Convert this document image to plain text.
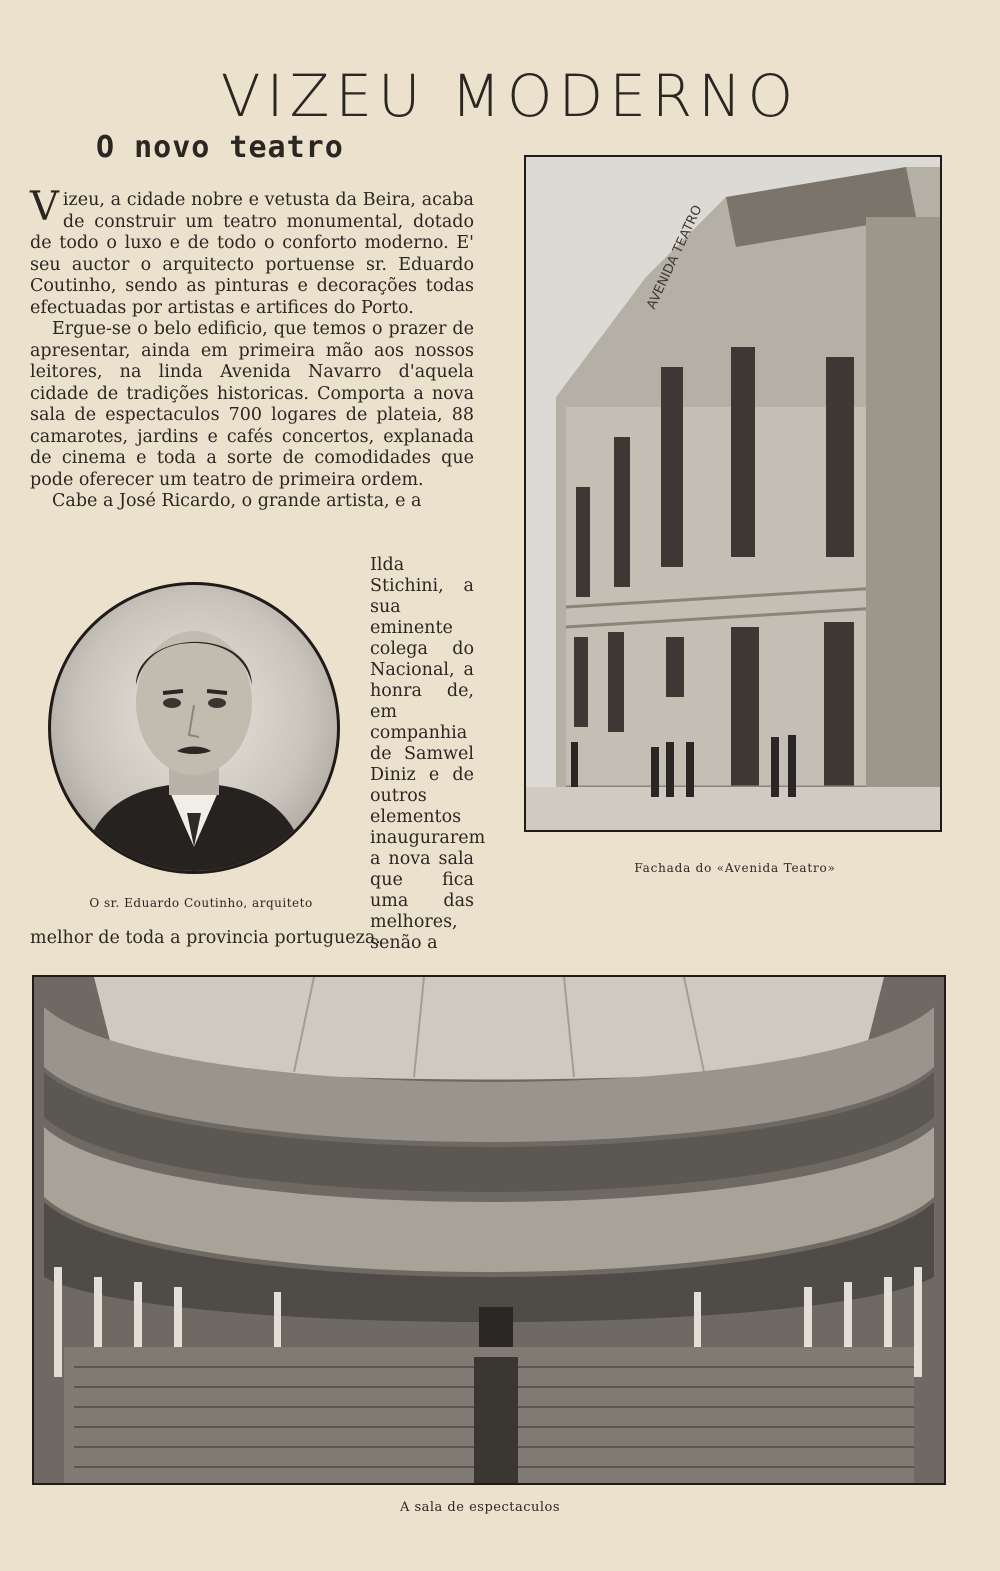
VIZEU MODERNO
O novo teatro

Vizeu, a cidade nobre e vetusta da Beira, acaba de construir um teatro monumental, dotado de todo o luxo e de todo o conforto moderno. E' seu auctor o arquitecto portuense sr. Eduardo Coutinho, sendo as pinturas e decorações todas efectuadas por artistas e artifices do Porto.

Ergue-se o belo edificio, que temos o prazer de apresentar, ainda em primeira mão aos nossos leitores, na linda Avenida Navarro d'aquela cidade de tradições historicas. Comporta a nova sala de espectaculos 700 logares de plateia, 88 camarotes, jardins e cafés concertos, explanada de cinema e toda a sorte de comodidades que pode oferecer um teatro de primeira ordem.

Cabe a José Ricardo, o grande artista, e a

Ilda Stichini, a sua eminente colega do Nacional, a honra de, em companhia de Samwel Diniz e de outros elementos inaugurarem a nova sala que fica uma das melhores, senão a

melhor de toda a provincia portugueza.

O sr. Eduardo Coutinho, arquiteto

AVENIDA TEATRO

Fachada do «Avenida Teatro»

A sala de espectaculos
